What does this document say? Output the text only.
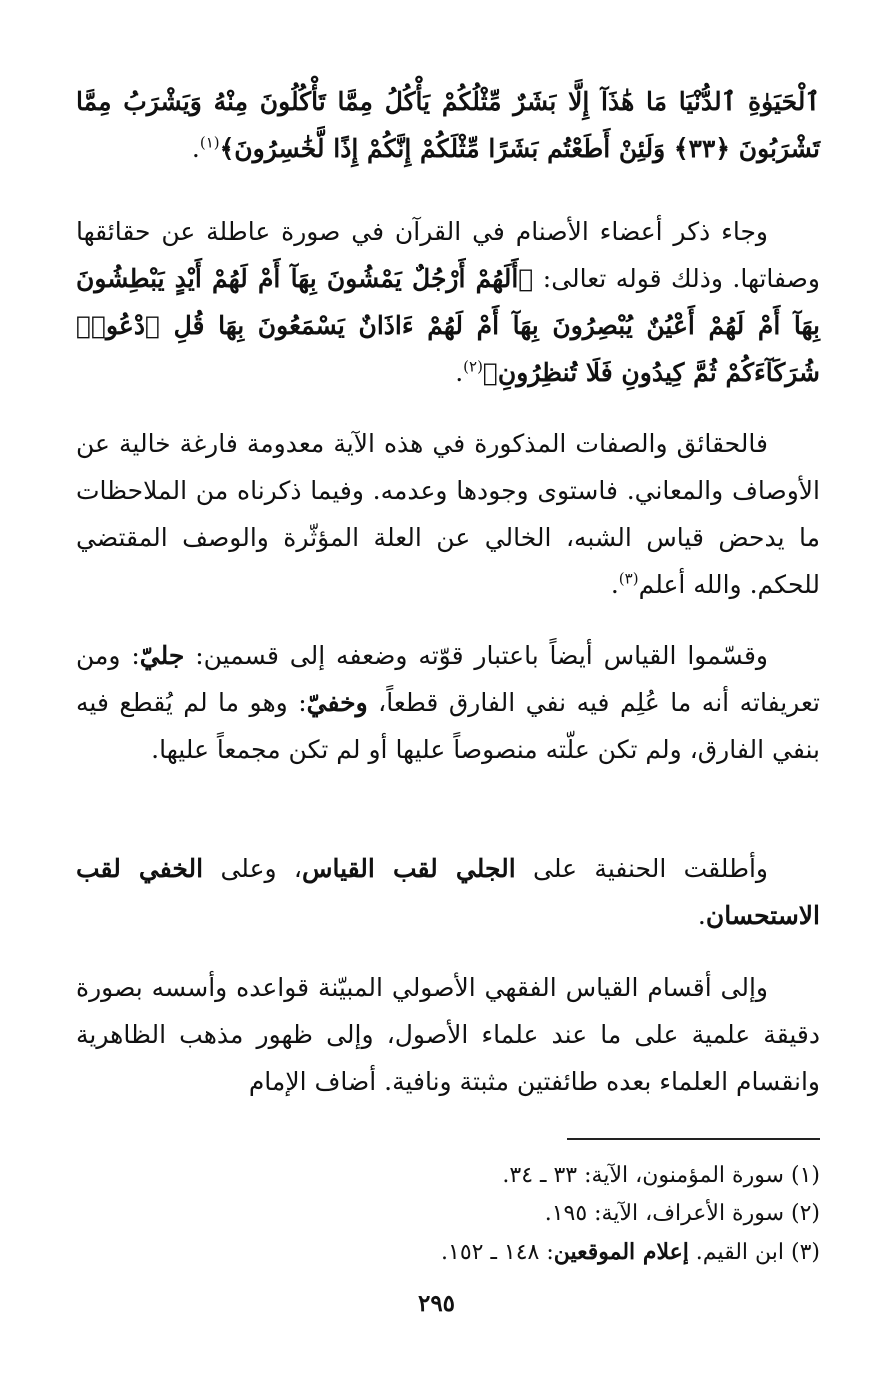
ٱلْحَيَوٰةِ ٱلدُّنْيَا مَا هَٰذَآ إِلَّا بَشَرٌ مِّثْلُكُمْ يَأْكُلُ مِمَّا تَأْكُلُونَ مِنْهُ وَيَشْرَبُ مِمَّا تَشْرَبُونَ ﴿٣٣﴾ وَلَئِنْ أَطَعْتُم بَشَرًا مِّثْلَكُمْ إِنَّكُمْ إِذًا لَّخَٰسِرُونَ﴾$^{(١)}$.

وجاء ذكر أعضاء الأصنام في القرآن في صورة عاطلة عن حقائقها وصفاتها. وذلك قوله تعالى: ﴿أَلَهُمْ أَرْجُلٌ يَمْشُونَ بِهَآ أَمْ لَهُمْ أَيْدٍ يَبْطِشُونَ بِهَآ أَمْ لَهُمْ أَعْيُنٌ يُبْصِرُونَ بِهَآ أَمْ لَهُمْ ءَاذَانٌ يَسْمَعُونَ بِهَا قُلِ ٱدْعُوا۟ شُرَكَآءَكُمْ ثُمَّ كِيدُونِ فَلَا تُنظِرُونِ﴾$^{(٢)}$.

فالحقائق والصفات المذكورة في هذه الآية معدومة فارغة خالية عن الأوصاف والمعاني. فاستوى وجودها وعدمه. وفيما ذكرناه من الملاحظات ما يدحض قياس الشبه، الخالي عن العلة المؤثّرة والوصف المقتضي للحكم. والله أعلم$^{(٣)}$.

وقسّموا القياس أيضاً باعتبار قوّته وضعفه إلى قسمين: جليّ: ومن تعريفاته أنه ما عُلِم فيه نفي الفارق قطعاً، وخفيّ: وهو ما لم يُقطع فيه بنفي الفارق، ولم تكن علّته منصوصاً عليها أو لم تكن مجمعاً عليها.

وأطلقت الحنفية على الجلي لقب القياس، وعلى الخفي لقب الاستحسان.

وإلى أقسام القياس الفقهي الأصولي المبيّنة قواعده وأسسه بصورة دقيقة علمية على ما عند علماء الأصول، وإلى ظهور مذهب الظاهرية وانقسام العلماء بعده طائفتين مثبتة ونافية. أضاف الإمام

(١) سورة المؤمنون، الآية: ٣٣ ـ ٣٤.

(٢) سورة الأعراف، الآية: ١٩٥.

(٣) ابن القيم. إعلام الموقعين: ١٤٨ ـ ١٥٢.

٢٩٥
